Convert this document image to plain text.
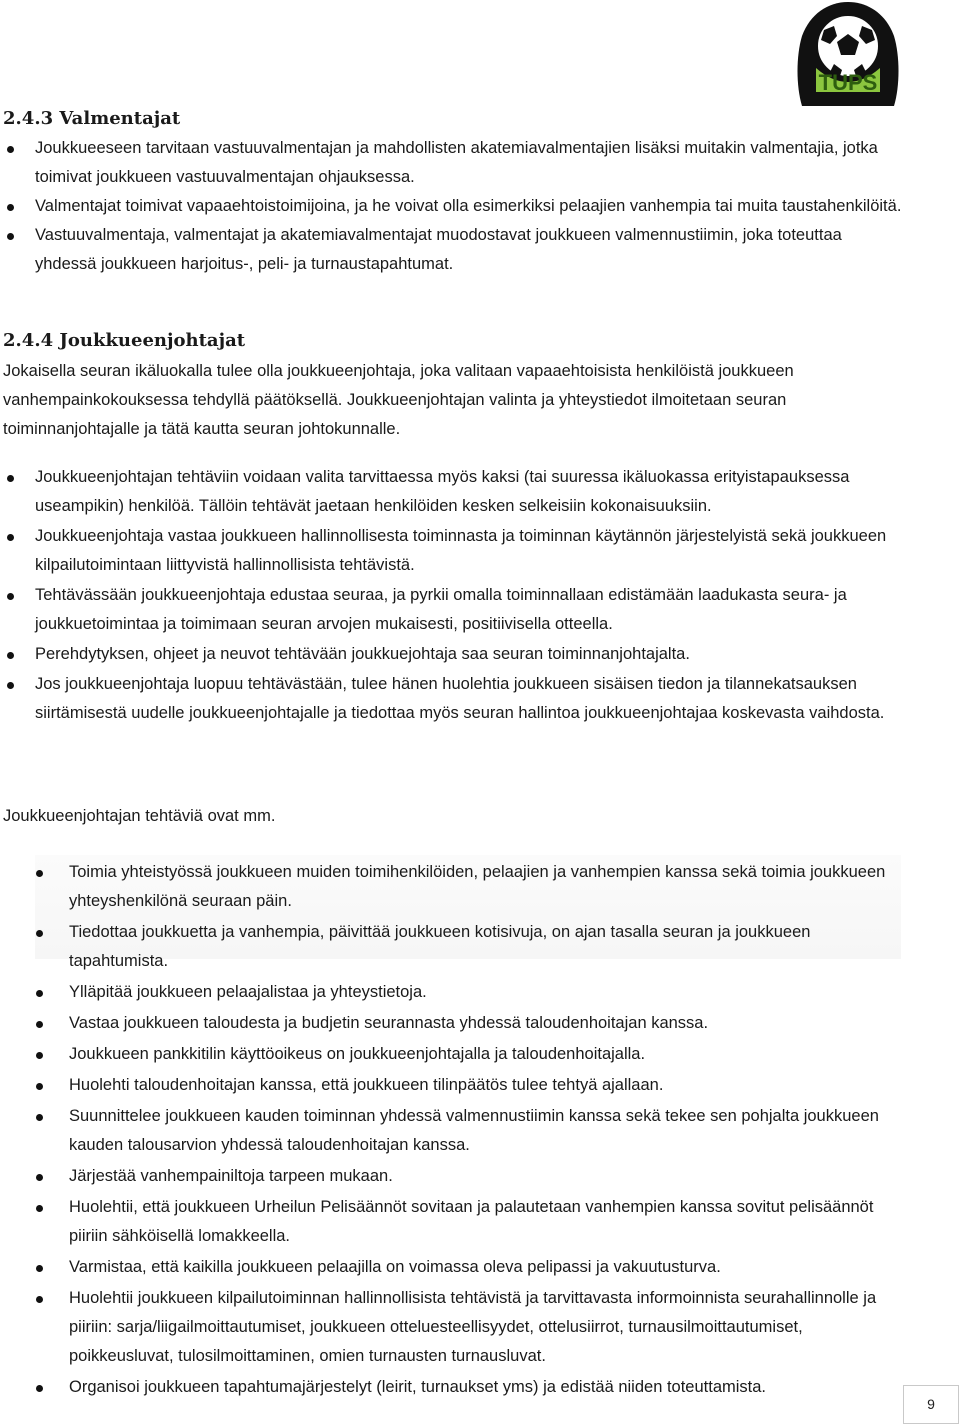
TUPS
2.4.3 Valmentajat
Joukkueeseen tarvitaan vastuuvalmentajan ja mahdollisten akatemiavalmentajien lisäksi muitakin valmentajia, jotka toimivat joukkueen vastuuvalmentajan ohjauksessa.
Valmentajat toimivat vapaaehtoistoimijoina, ja he voivat olla esimerkiksi pelaajien vanhempia tai muita taustahenkilöitä.
Vastuuvalmentaja, valmentajat ja akatemiavalmentajat muodostavat joukkueen valmennustiimin, joka toteuttaa yhdessä joukkueen harjoitus-, peli- ja turnaustapahtumat.
2.4.4 Joukkueenjohtajat
Jokaisella seuran ikäluokalla tulee olla joukkueenjohtaja, joka valitaan vapaaehtoisista henkilöistä joukkueen vanhempainkokouksessa tehdyllä päätöksellä. Joukkueenjohtajan valinta ja yhteystiedot ilmoitetaan seuran toiminnanjohtajalle ja tätä kautta seuran johtokunnalle.
Joukkueenjohtajan tehtäviin voidaan valita tarvittaessa myös kaksi (tai suuressa ikäluokassa erityistapauksessa useampikin) henkilöä. Tällöin tehtävät jaetaan henkilöiden kesken selkeisiin kokonaisuuksiin.
Joukkueenjohtaja vastaa joukkueen hallinnollisesta toiminnasta ja toiminnan käytännön järjestelyistä sekä joukkueen kilpailutoimintaan liittyvistä hallinnollisista tehtävistä.
Tehtävässään joukkueenjohtaja edustaa seuraa, ja pyrkii omalla toiminnallaan edistämään laadukasta seura- ja joukkuetoimintaa ja toimimaan seuran arvojen mukaisesti, positiivisella otteella.
Perehdytyksen, ohjeet ja neuvot tehtävään joukkuejohtaja saa seuran toiminnanjohtajalta.
Jos joukkueenjohtaja luopuu tehtävästään, tulee hänen huolehtia joukkueen sisäisen tiedon ja tilannekatsauksen siirtämisestä uudelle joukkueenjohtajalle ja tiedottaa myös seuran hallintoa joukkueenjohtajaa koskevasta vaihdosta.
Joukkueenjohtajan tehtäviä ovat mm.
Toimia yhteistyössä joukkueen muiden toimihenkilöiden, pelaajien ja vanhempien kanssa sekä toimia joukkueen yhteyshenkilönä seuraan päin.
Tiedottaa joukkuetta ja vanhempia, päivittää joukkueen kotisivuja, on ajan tasalla seuran ja joukkueen tapahtumista.
Ylläpitää joukkueen pelaajalistaa ja yhteystietoja.
Vastaa joukkueen taloudesta ja budjetin seurannasta yhdessä taloudenhoitajan kanssa.
Joukkueen pankkitilin käyttöoikeus on joukkueenjohtajalla ja taloudenhoitajalla.
Huolehti taloudenhoitajan kanssa, että joukkueen tilinpäätös tulee tehtyä ajallaan.
Suunnittelee joukkueen kauden toiminnan yhdessä valmennustiimin kanssa sekä tekee sen pohjalta joukkueen kauden talousarvion yhdessä taloudenhoitajan kanssa.
Järjestää vanhempainiltoja tarpeen mukaan.
Huolehtii, että joukkueen Urheilun Pelisäännöt sovitaan ja palautetaan vanhempien kanssa sovitut pelisäännöt piiriin sähköisellä lomakkeella.
Varmistaa, että kaikilla joukkueen pelaajilla on voimassa oleva pelipassi ja vakuutusturva.
Huolehtii joukkueen kilpailutoiminnan hallinnollisista tehtävistä ja tarvittavasta informoinnista seurahallinnolle ja piiriin: sarja/liigailmoittautumiset, joukkueen otteluesteellisyydet, ottelusiirrot, turnausilmoittautumiset, poikkeusluvat, tulosilmoittaminen, omien turnausten turnausluvat.
Organisoi joukkueen tapahtumajärjestelyt (leirit, turnaukset yms) ja edistää niiden toteuttamista.
9
